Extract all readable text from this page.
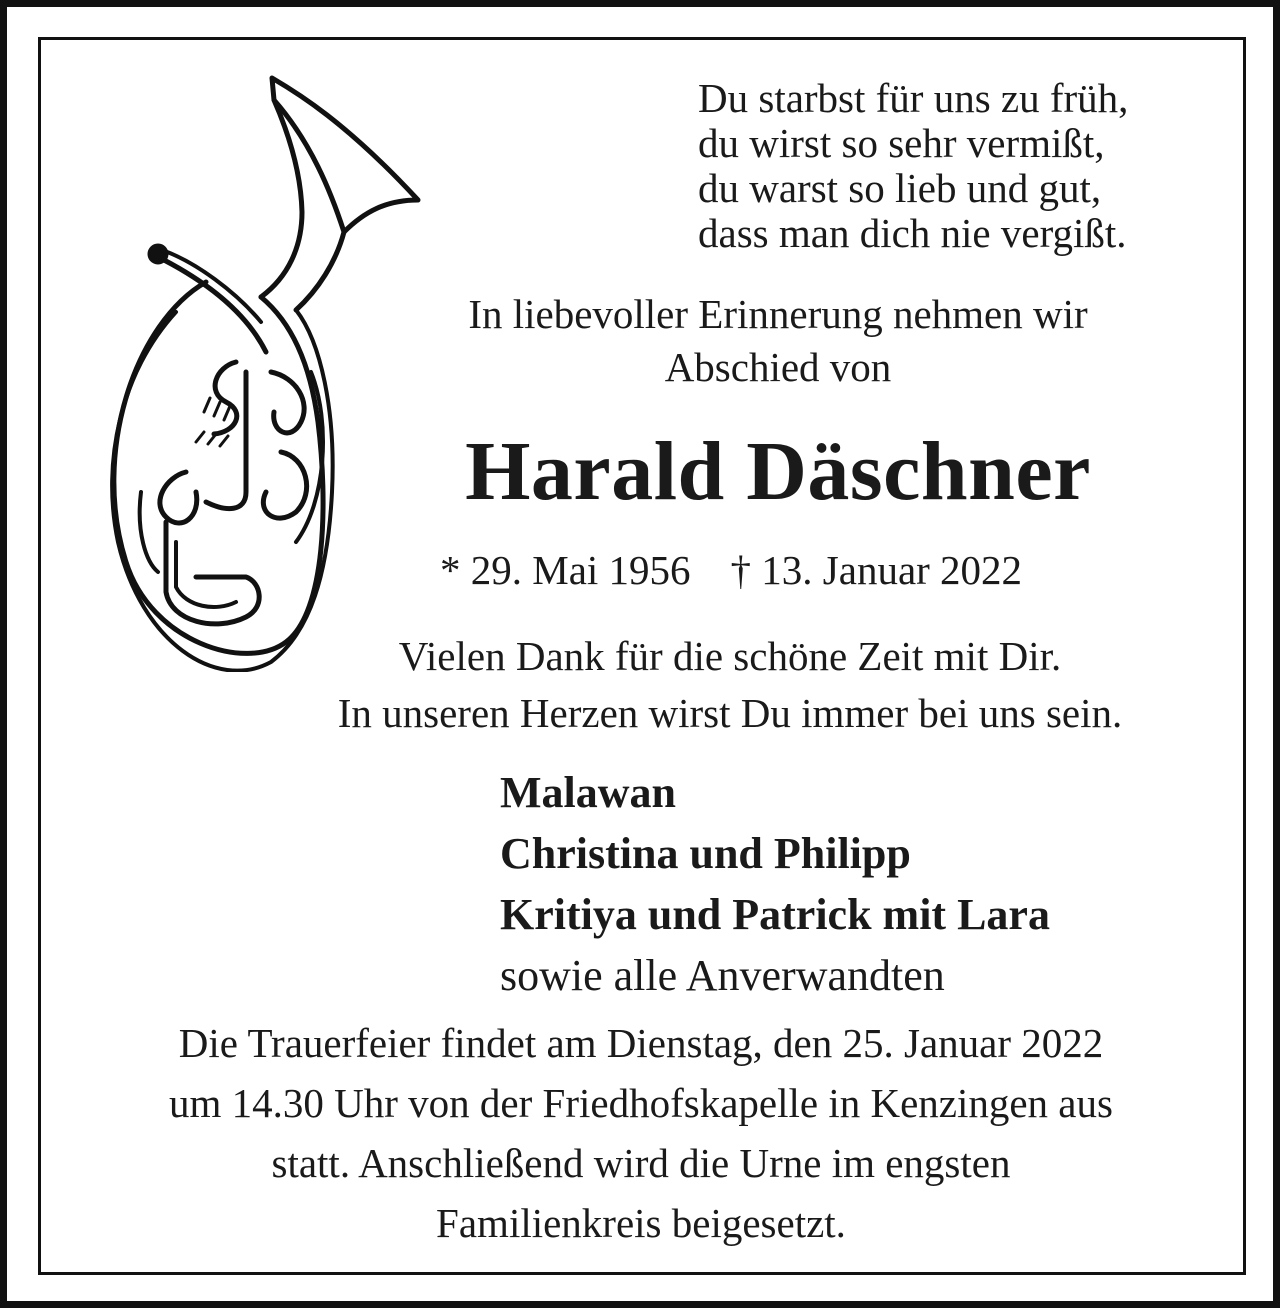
Du starbst für uns zu früh,
du wirst so sehr vermißt,
du warst so lieb und gut,
dass man dich nie vergißt.
In liebevoller Erinnerung nehmen wir
Abschied von
Harald Däschner
* 29. Mai 1956 † 13. Januar 2022
Vielen Dank für die schöne Zeit mit Dir.
In unseren Herzen wirst Du immer bei uns sein.
Malawan
Christina und Philipp
Kritiya und Patrick mit Lara
sowie alle Anverwandten
Die Trauerfeier findet am Dienstag, den 25. Januar 2022
um 14.30 Uhr von der Friedhofskapelle in Kenzingen aus
statt. Anschließend wird die Urne im engsten
Familienkreis beigesetzt.
